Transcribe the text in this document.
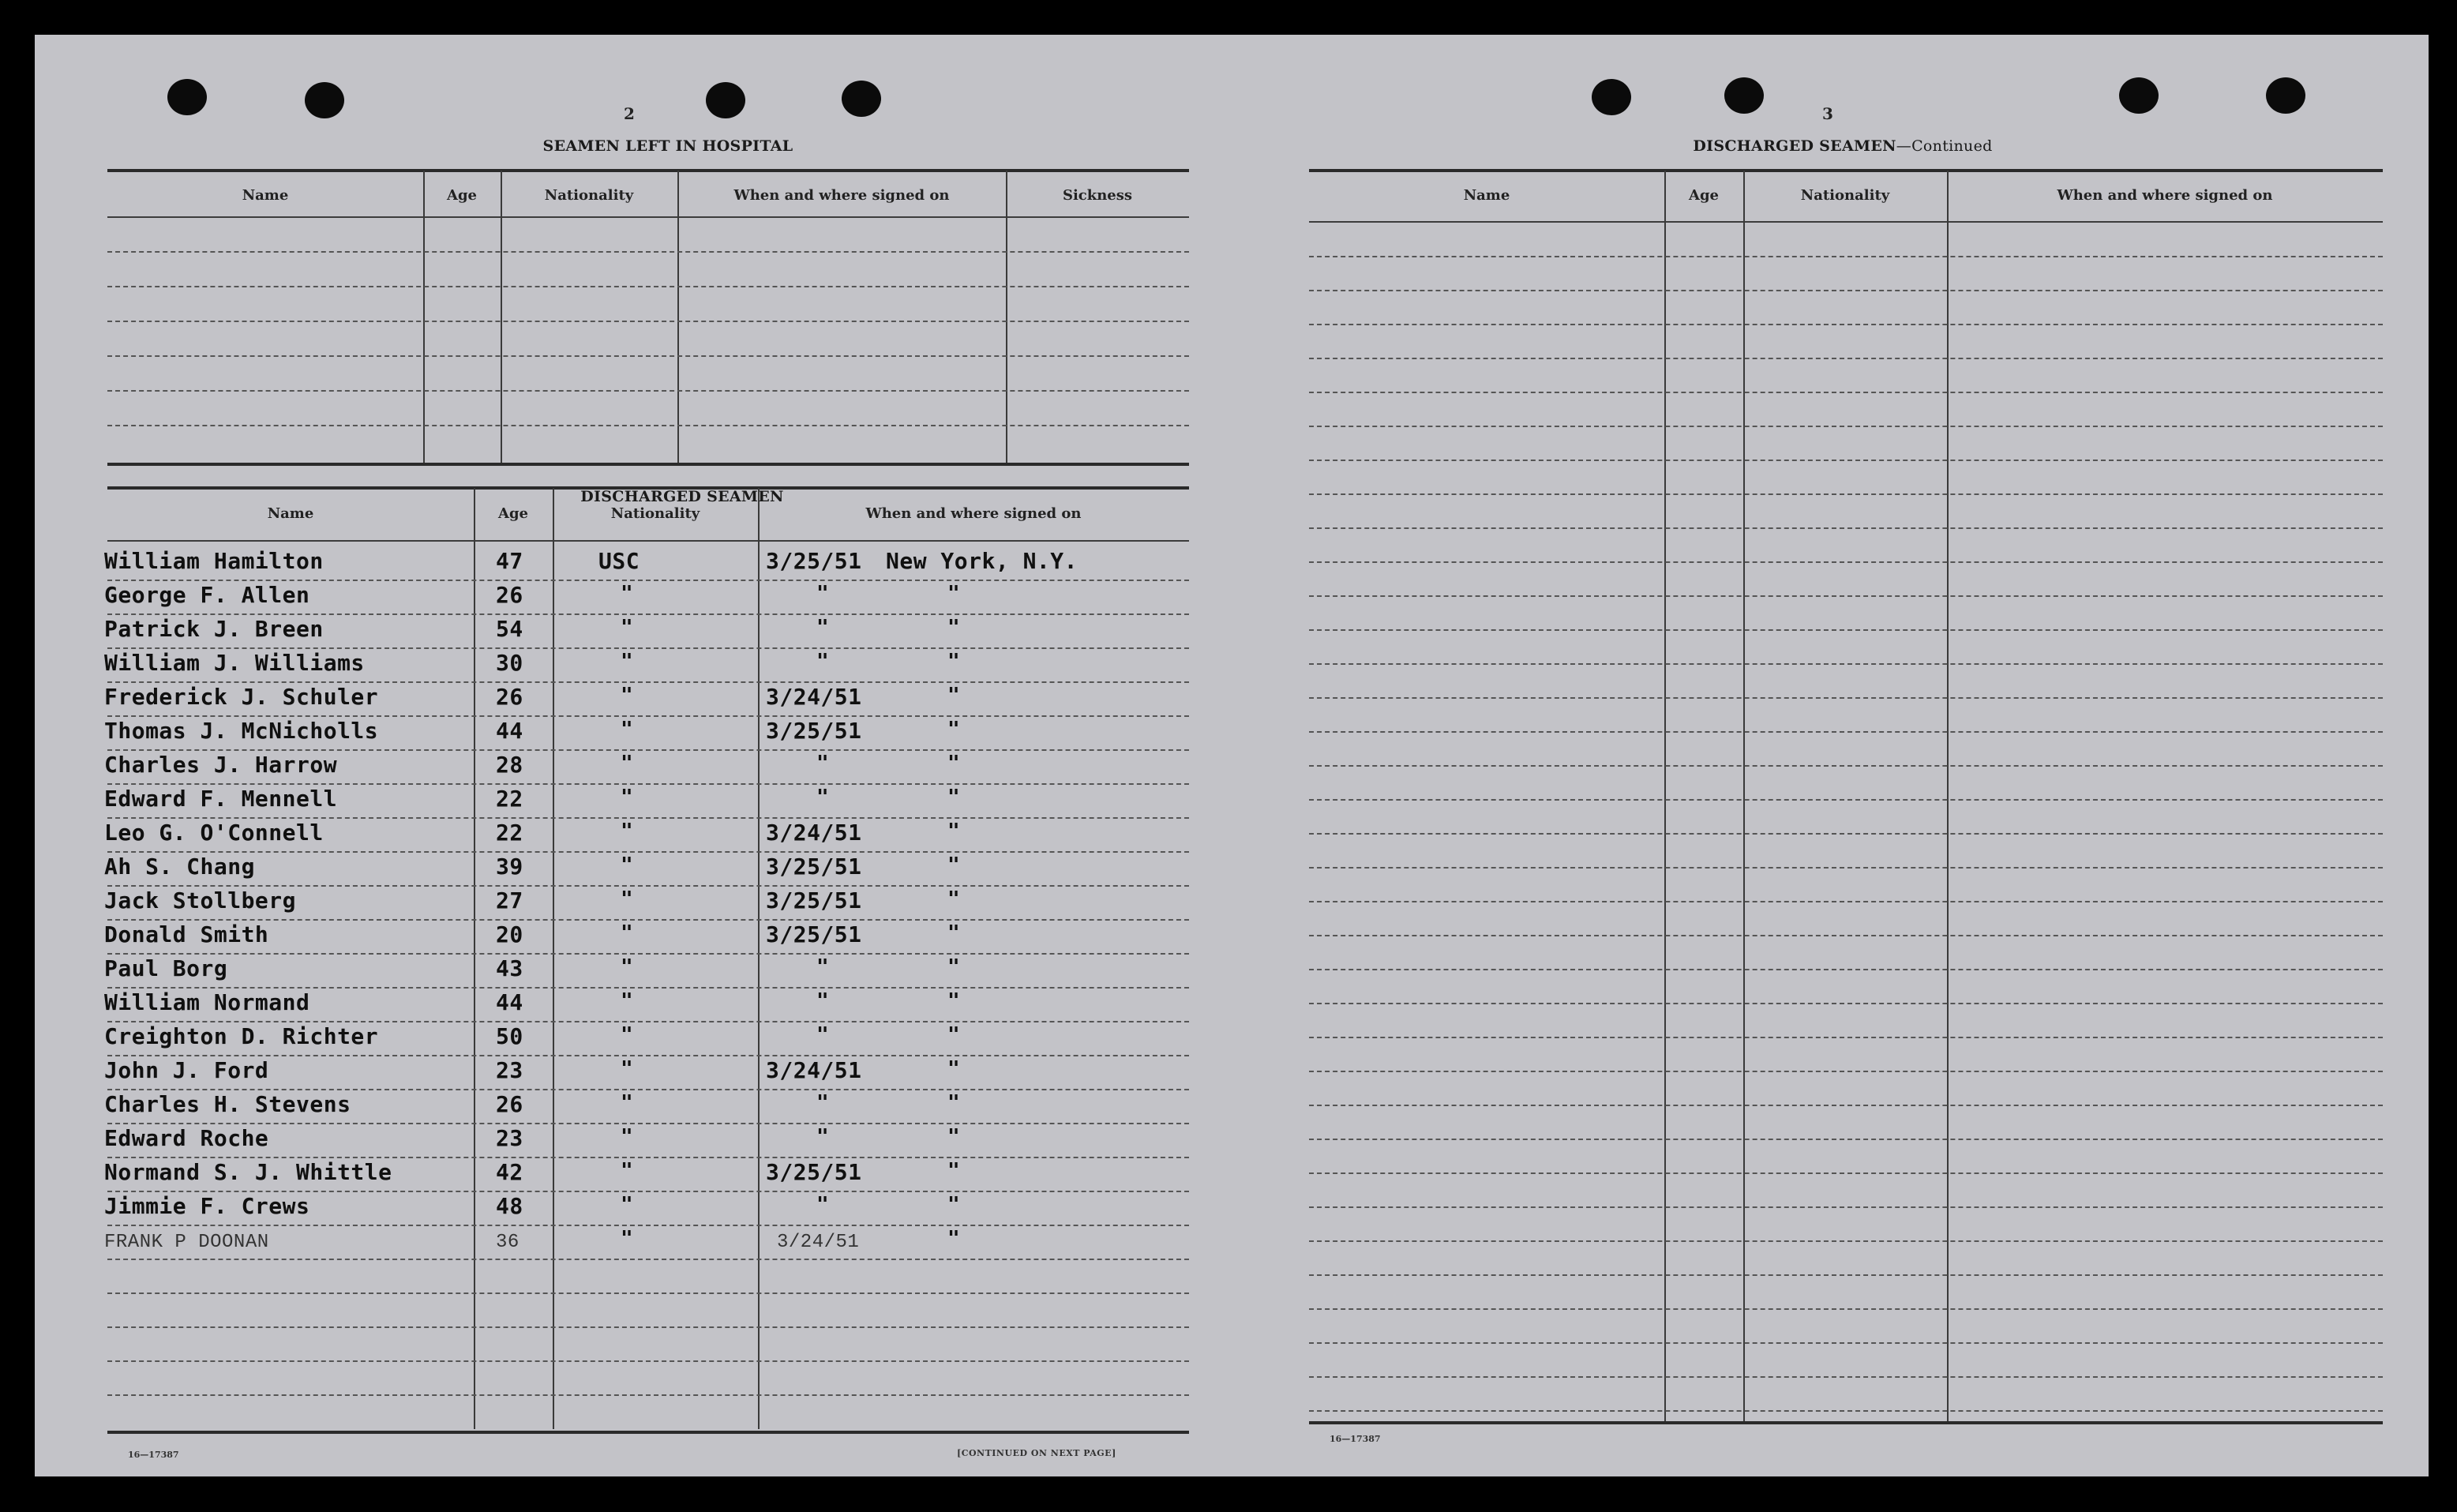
2
SEAMEN LEFT IN HOSPITAL
Name	Age	Nationality	When and where signed on	Sickness
DISCHARGED SEAMEN
Name	Age	Nationality	When and where signed on
William Hamilton	47	USC	3/25/51 New York, N.Y.
George F. Allen	26	"	"	"
Patrick J. Breen	54	"	"	"
William J. Williams	30	"	"	"
Frederick J. Schuler	26	"	3/24/51	"
Thomas J. McNicholls	44	"	3/25/51	"
Charles J. Harrow	28	"	"	"
Edward F. Mennell	22	"	"	"
Leo G. O'Connell	22	"	3/24/51	"
Ah S. Chang	39	"	3/25/51	"
Jack Stollberg	27	"	3/25/51	"
Donald Smith	20	"	3/25/51	"
Paul Borg	43	"	"	"
William Normand	44	"	"	"
Creighton D. Richter	50	"	"	"
John J. Ford	23	"	3/24/51	"
Charles H. Stevens	26	"	"	"
Edward Roche	23	"	"	"
Normand S. J. Whittle	42	"	3/25/51	"
Jimmie F. Crews	48	"	"	"
FRANK P DOONAN	36	"	3/24/51	"
16—17387	[CONTINUED ON NEXT PAGE]
3
DISCHARGED SEAMEN—Continued
Name	Age	Nationality	When and where signed on
16—17387
